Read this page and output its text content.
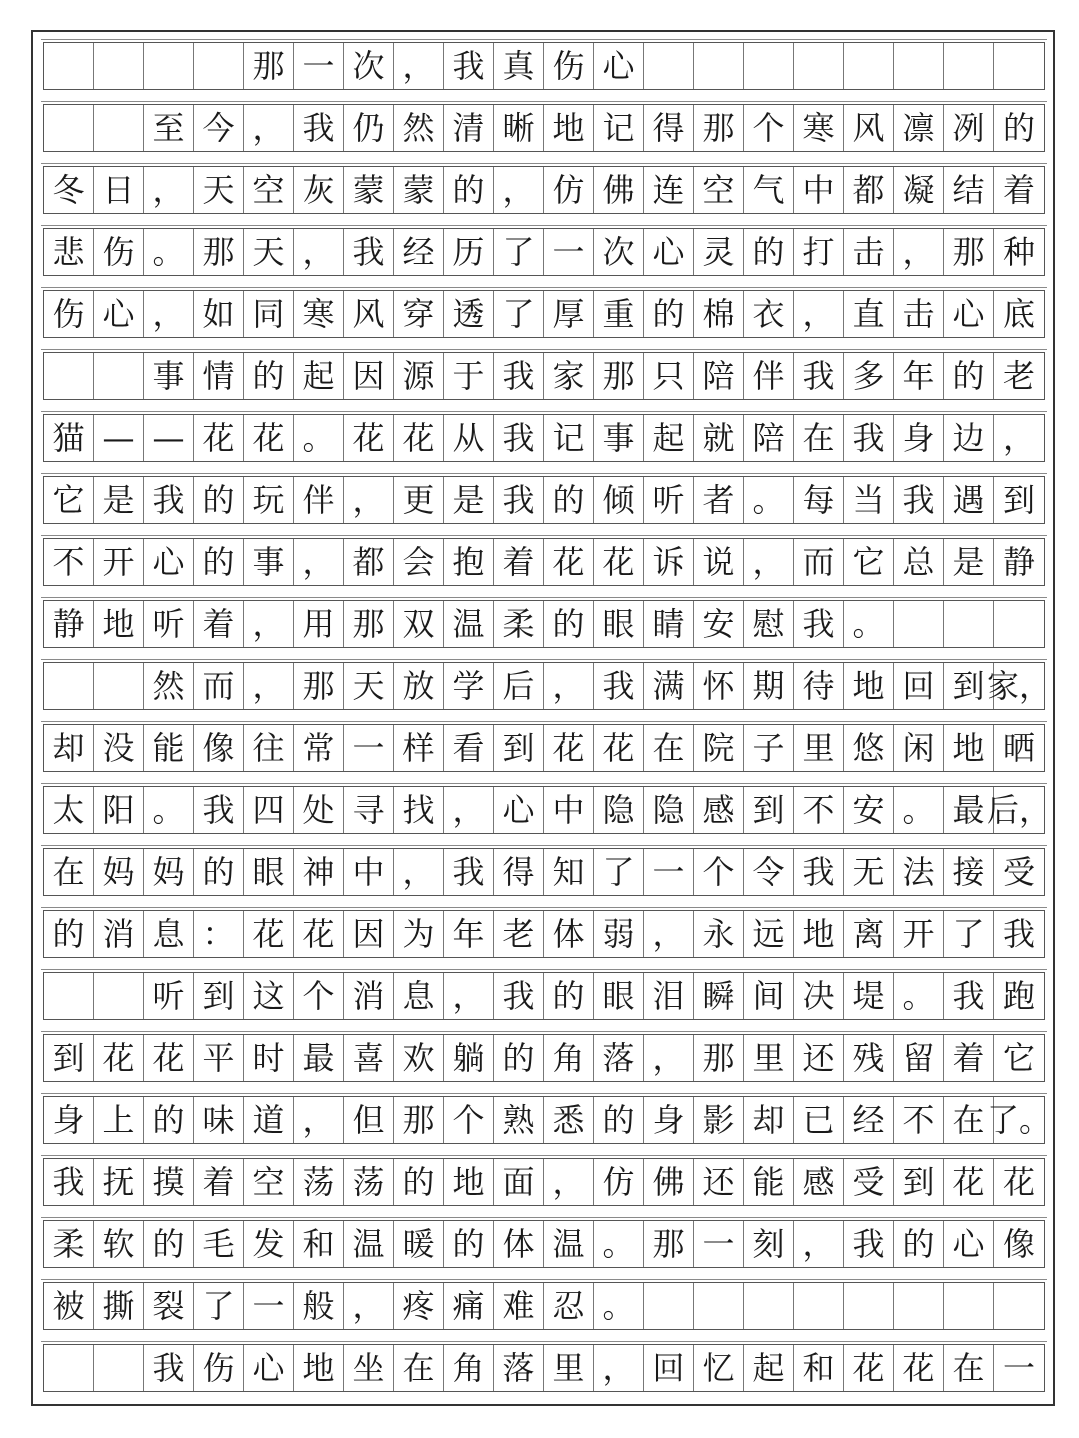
那 一 次 ， 我 真 伤 心
至 今 ， 我 仍 然 清 晰 地 记 得 那 个 寒 风 凛 冽 的
冬 日 ， 天 空 灰 蒙 蒙 的 ， 仿 佛 连 空 气 中 都 凝 结 着
悲 伤 。 那 天 ， 我 经 历 了 一 次 心 灵 的 打 击 ， 那 种
伤 心 ， 如 同 寒 风 穿 透 了 厚 重 的 棉 衣 ， 直 击 心 底
事 情 的 起 因 源 于 我 家 那 只 陪 伴 我 多 年 的 老
猫 — — 花 花 。 花 花 从 我 记 事 起 就 陪 在 我 身 边 ，
它 是 我 的 玩 伴 ， 更 是 我 的 倾 听 者 。 每 当 我 遇 到
不 开 心 的 事 ， 都 会 抱 着 花 花 诉 说 ， 而 它 总 是 静
静 地 听 着 ， 用 那 双 温 柔 的 眼 睛 安 慰 我 。
然 而 ， 那 天 放 学 后 ， 我 满 怀 期 待 地 回 到 家，
却 没 能 像 往 常 一 样 看 到 花 花 在 院 子 里 悠 闲 地 晒
太 阳 。 我 四 处 寻 找 ， 心 中 隐 隐 感 到 不 安 。 最 后，
在 妈 妈 的 眼 神 中 ， 我 得 知 了 一 个 令 我 无 法 接 受
的 消 息 ： 花 花 因 为 年 老 体 弱 ， 永 远 地 离 开 了 我
听 到 这 个 消 息 ， 我 的 眼 泪 瞬 间 决 堤 。 我 跑
到 花 花 平 时 最 喜 欢 躺 的 角 落 ， 那 里 还 残 留 着 它
身 上 的 味 道 ， 但 那 个 熟 悉 的 身 影 却 已 经 不 在 了。
我 抚 摸 着 空 荡 荡 的 地 面 ， 仿 佛 还 能 感 受 到 花 花
柔 软 的 毛 发 和 温 暖 的 体 温 。 那 一 刻 ， 我 的 心 像
被 撕 裂 了 一 般 ， 疼 痛 难 忍 。
我 伤 心 地 坐 在 角 落 里 ， 回 忆 起 和 花 花 在 一
